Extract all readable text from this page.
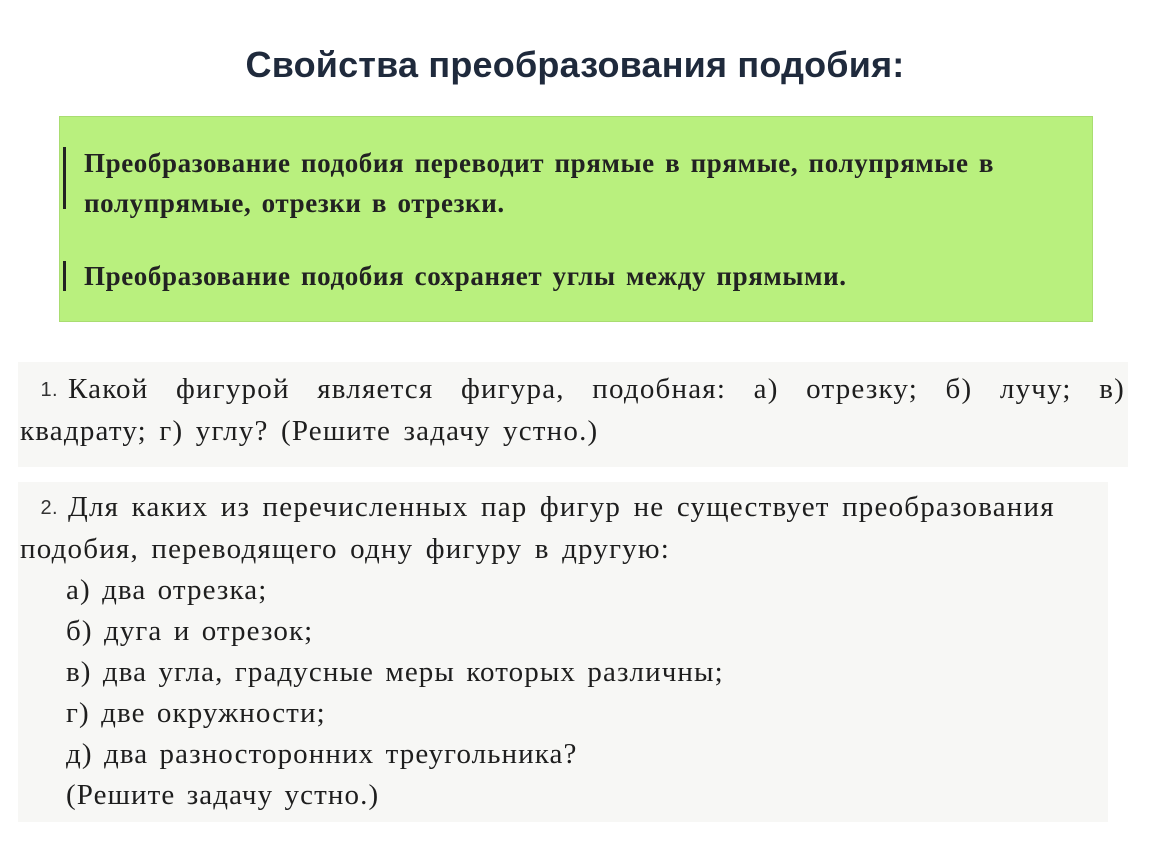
Свойства преобразования подобия:
Преобразование подобия переводит прямые в прямые, полупрямые в полупрямые, отрезки в отрезки.
Преобразование подобия сохраняет углы между прямыми.
1. Какой фигурой является фигура, подобная: а) отрезку; б) лучу; в) квадрату; г) углу? (Решите задачу устно.)
2. Для каких из перечисленных пар фигур не существует преобразования подобия, переводящего одну фигуру в другую:
а) два отрезка;
б) дуга и отрезок;
в) два угла, градусные меры которых различны;
г) две окружности;
д) два разносторонних треугольника?
(Решите задачу устно.)
